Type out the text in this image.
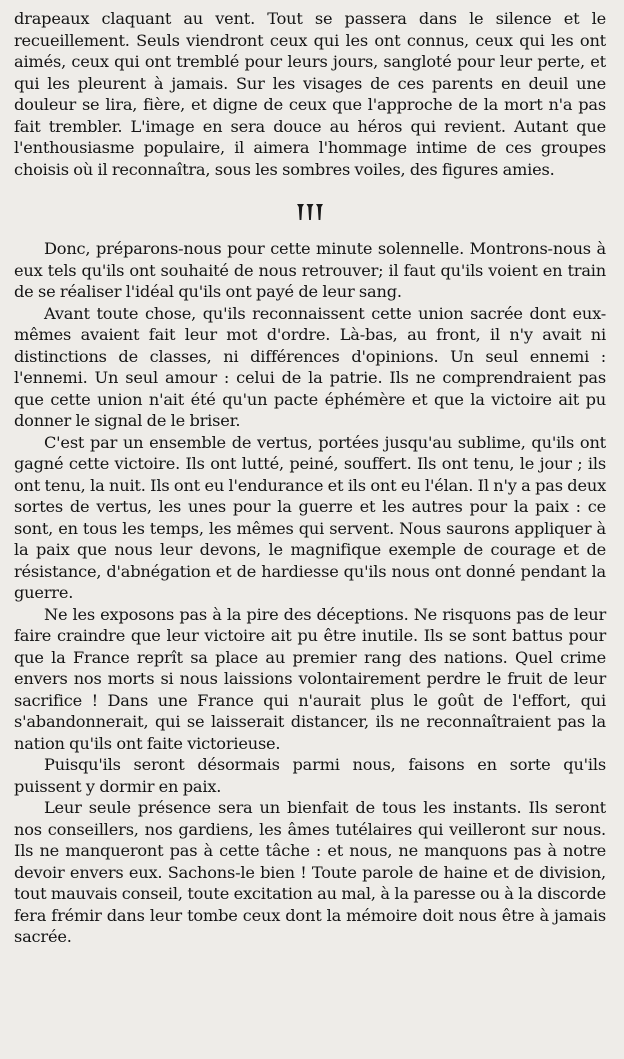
drapeaux claquant au vent. Tout se passera dans le silence et le recueillement. Seuls viendront ceux qui les ont connus, ceux qui les ont aimés, ceux qui ont tremblé pour leurs jours, sangloté pour leur perte, et qui les pleurent à jamais. Sur les visages de ces parents en deuil une douleur se lira, fière, et digne de ceux que l'approche de la mort n'a pas fait trembler. L'image en sera douce au héros qui revient. Autant que l'enthousiasme populaire, il aimera l'hommage intime de ces groupes choisis où il reconnaîtra, sous les sombres voiles, des figures amies.

Donc, préparons-nous pour cette minute solennelle. Montrons-nous à eux tels qu'ils ont souhaité de nous retrouver; il faut qu'ils voient en train de se réaliser l'idéal qu'ils ont payé de leur sang.

Avant toute chose, qu'ils reconnaissent cette union sacrée dont eux-mêmes avaient fait leur mot d'ordre. Là-bas, au front, il n'y avait ni distinctions de classes, ni différences d'opinions. Un seul ennemi : l'ennemi. Un seul amour : celui de la patrie. Ils ne comprendraient pas que cette union n'ait été qu'un pacte éphémère et que la victoire ait pu donner le signal de le briser.

C'est par un ensemble de vertus, portées jusqu'au sublime, qu'ils ont gagné cette victoire. Ils ont lutté, peiné, souffert. Ils ont tenu, le jour ; ils ont tenu, la nuit. Ils ont eu l'endurance et ils ont eu l'élan. Il n'y a pas deux sortes de vertus, les unes pour la guerre et les autres pour la paix : ce sont, en tous les temps, les mêmes qui servent. Nous saurons appliquer à la paix que nous leur devons, le magnifique exemple de courage et de résistance, d'abnégation et de hardiesse qu'ils nous ont donné pendant la guerre.

Ne les exposons pas à la pire des déceptions. Ne risquons pas de leur faire craindre que leur victoire ait pu être inutile. Ils se sont battus pour que la France reprît sa place au premier rang des nations. Quel crime envers nos morts si nous laissions volontairement perdre le fruit de leur sacrifice ! Dans une France qui n'aurait plus le goût de l'effort, qui s'abandonnerait, qui se laisserait distancer, ils ne reconnaîtraient pas la nation qu'ils ont faite victorieuse.

Puisqu'ils seront désormais parmi nous, faisons en sorte qu'ils puissent y dormir en paix.

Leur seule présence sera un bienfait de tous les instants. Ils seront nos conseillers, nos gardiens, les âmes tutélaires qui veilleront sur nous. Ils ne manqueront pas à cette tâche : et nous, ne manquons pas à notre devoir envers eux. Sachons-le bien ! Toute parole de haine et de division, tout mauvais conseil, toute excitation au mal, à la paresse ou à la discorde fera frémir dans leur tombe ceux dont la mémoire doit nous être à jamais sacrée.
